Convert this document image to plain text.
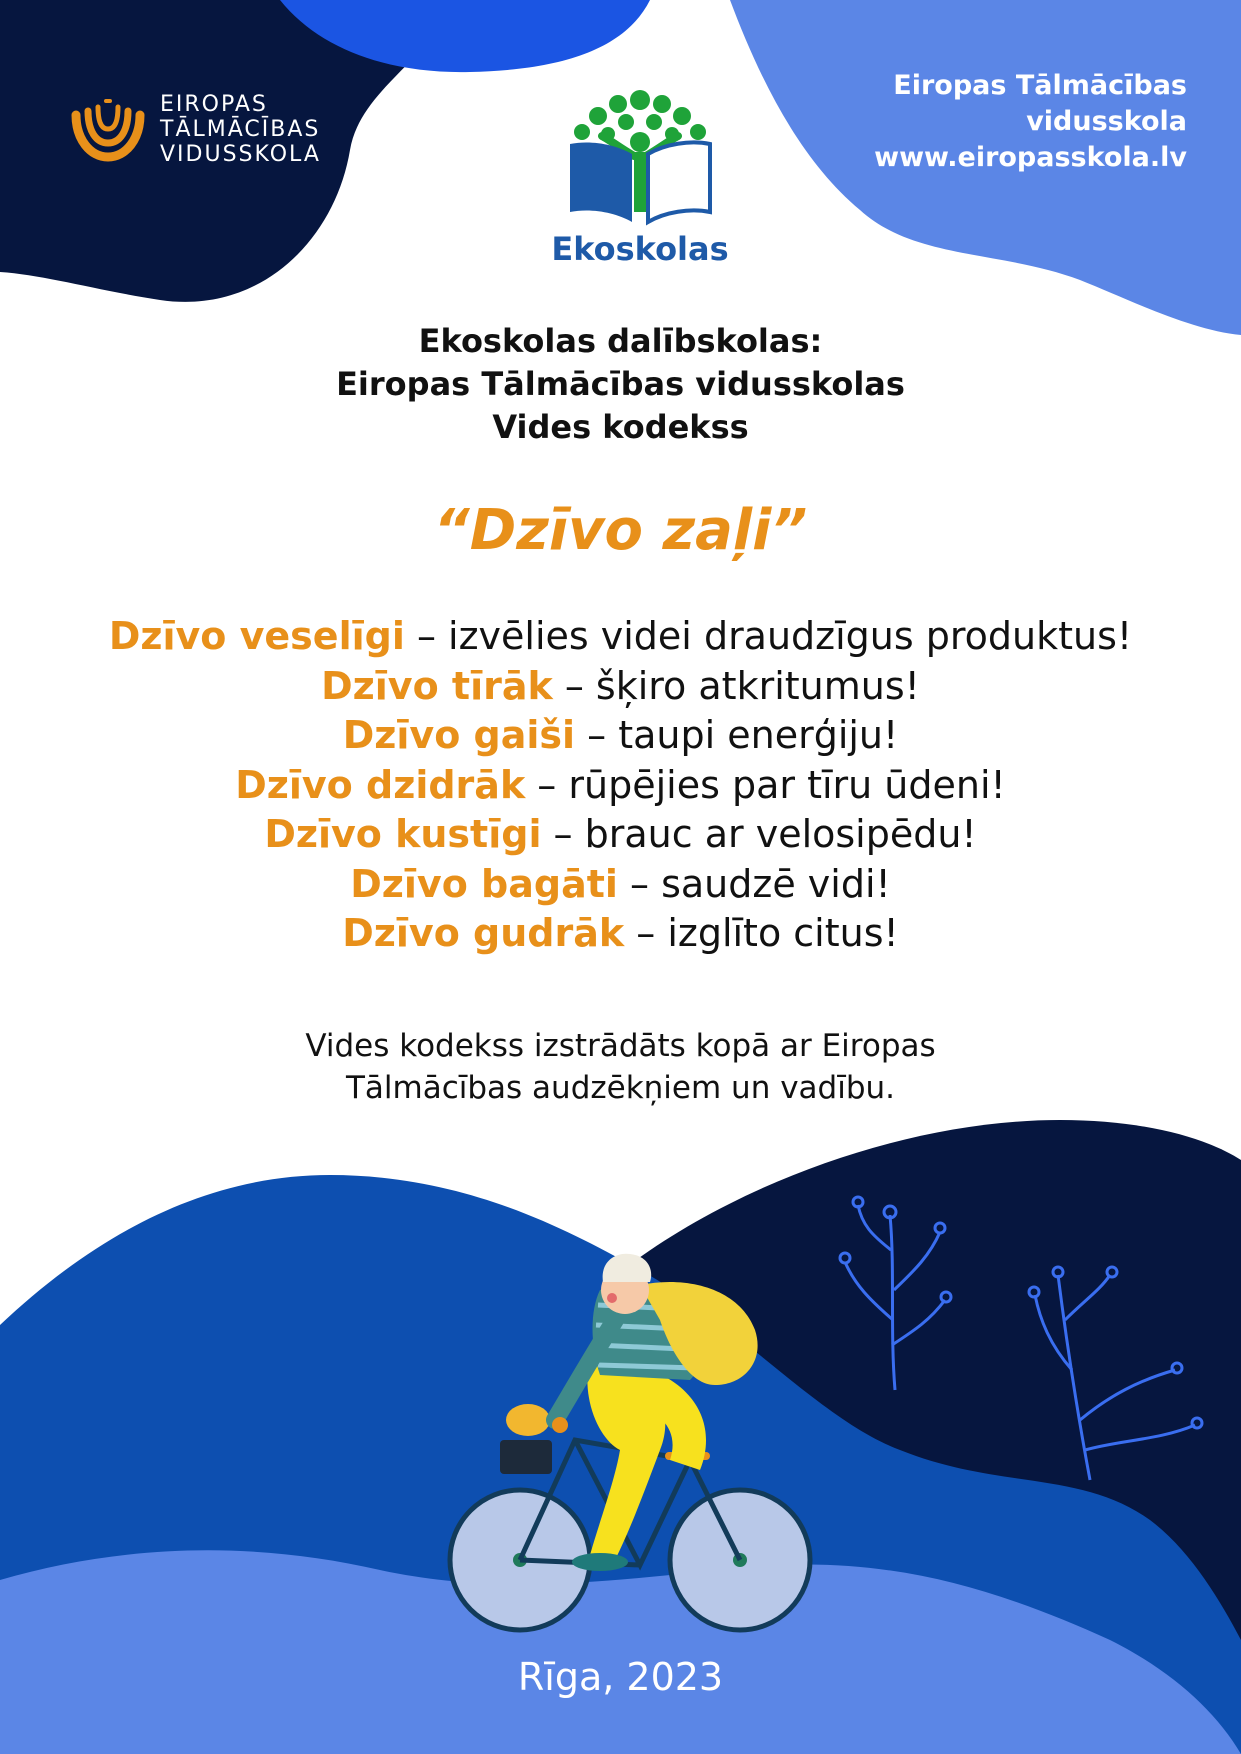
EIROPAS
TĀLMĀCĪBAS
VIDUSSKOLA
Eiropas Tālmācības
vidusskola
www.eiropasskola.lv
Ekoskolas
Ekoskolas dalībskolas:
Eiropas Tālmācības vidusskolas
Vides kodekss
“Dzīvo zaļi”
Dzīvo veselīgi – izvēlies videi draudzīgus produktus!
Dzīvo tīrāk – šķiro atkritumus!
Dzīvo gaiši – taupi enerģiju!
Dzīvo dzidrāk – rūpējies par tīru ūdeni!
Dzīvo kustīgi – brauc ar velosipēdu!
Dzīvo bagāti – saudzē vidi!
Dzīvo gudrāk – izglīto citus!
Vides kodekss izstrādāts kopā ar Eiropas
Tālmācības audzēkņiem un vadību.
Rīga, 2023
